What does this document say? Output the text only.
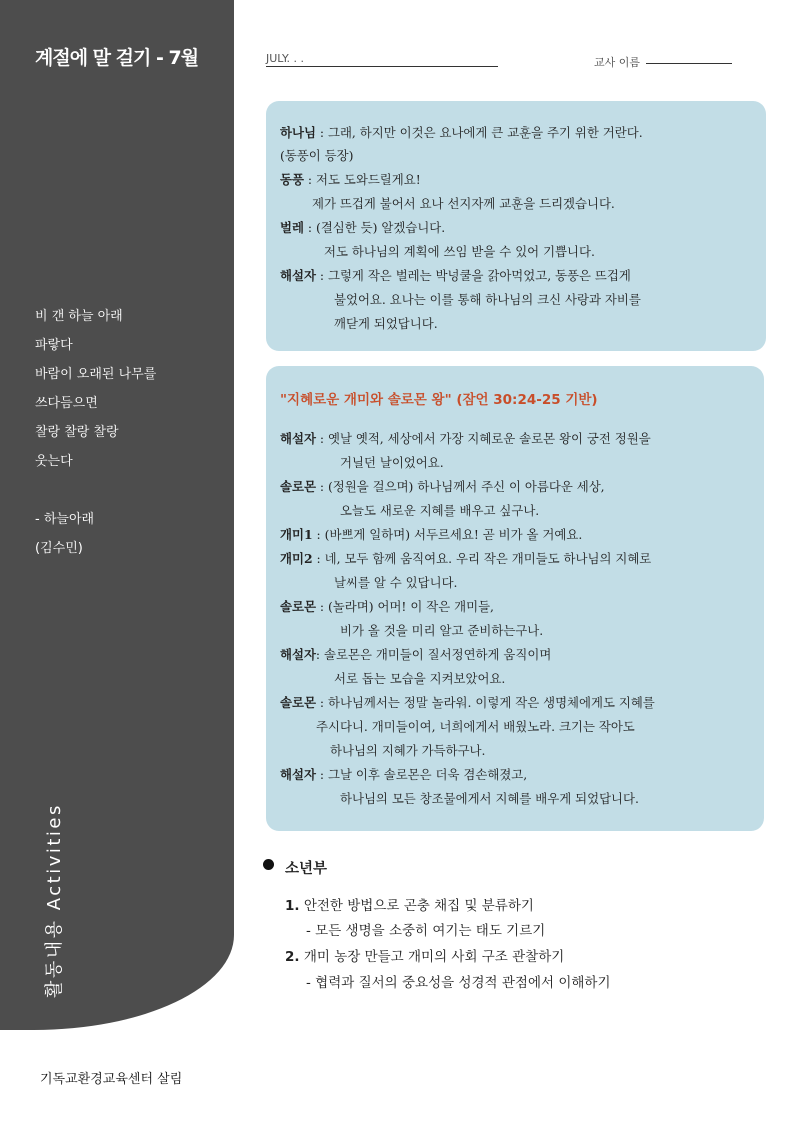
계절에 말 걸기 - 7월
비 갠 하늘 아래
파랗다
바람이 오래된 나무를
쓰다듬으면
찰랑 찰랑 찰랑
웃는다
- 하늘아래
(김수민)
활동내용 Activities
JULY. . .	교사 이름
하나님 : 그래, 하지만 이것은 요나에게 큰 교훈을 주기 위한 거란다.
(동풍이 등장)
동풍 : 저도 도와드릴게요!
제가 뜨겁게 불어서 요나 선지자께 교훈을 드리겠습니다.
벌레 : (결심한 듯) 알겠습니다.
저도 하나님의 계획에 쓰임 받을 수 있어 기쁩니다.
해설자 : 그렇게 작은 벌레는 박넝쿨을 갉아먹었고, 동풍은 뜨겁게
불었어요. 요나는 이를 통해 하나님의 크신 사랑과 자비를
깨닫게 되었답니다.
"지혜로운 개미와 솔로몬 왕" (잠언 30:24-25 기반)
해설자 : 옛날 옛적, 세상에서 가장 지혜로운 솔로몬 왕이 궁전 정원을
거닐던 날이었어요.
솔로몬 : (정원을 걸으며) 하나님께서 주신 이 아름다운 세상,
오늘도 새로운 지혜를 배우고 싶구나.
개미1 : (바쁘게 일하며) 서두르세요! 곧 비가 올 거예요.
개미2 : 네, 모두 함께 움직여요. 우리 작은 개미들도 하나님의 지혜로
날씨를 알 수 있답니다.
솔로몬 : (놀라며) 어머! 이 작은 개미들,
비가 올 것을 미리 알고 준비하는구나.
해설자: 솔로몬은 개미들이 질서정연하게 움직이며
서로 돕는 모습을 지켜보았어요.
솔로몬 : 하나님께서는 정말 놀라워. 이렇게 작은 생명체에게도 지혜를
주시다니. 개미들이여, 너희에게서 배웠노라. 크기는 작아도
하나님의 지혜가 가득하구나.
해설자 : 그날 이후 솔로몬은 더욱 겸손해졌고,
하나님의 모든 창조물에게서 지혜를 배우게 되었답니다.
소년부
1. 안전한 방법으로 곤충 채집 및 분류하기
- 모든 생명을 소중히 여기는 태도 기르기
2. 개미 농장 만들고 개미의 사회 구조 관찰하기
- 협력과 질서의 중요성을 성경적 관점에서 이해하기
기독교환경교육센터 살림
